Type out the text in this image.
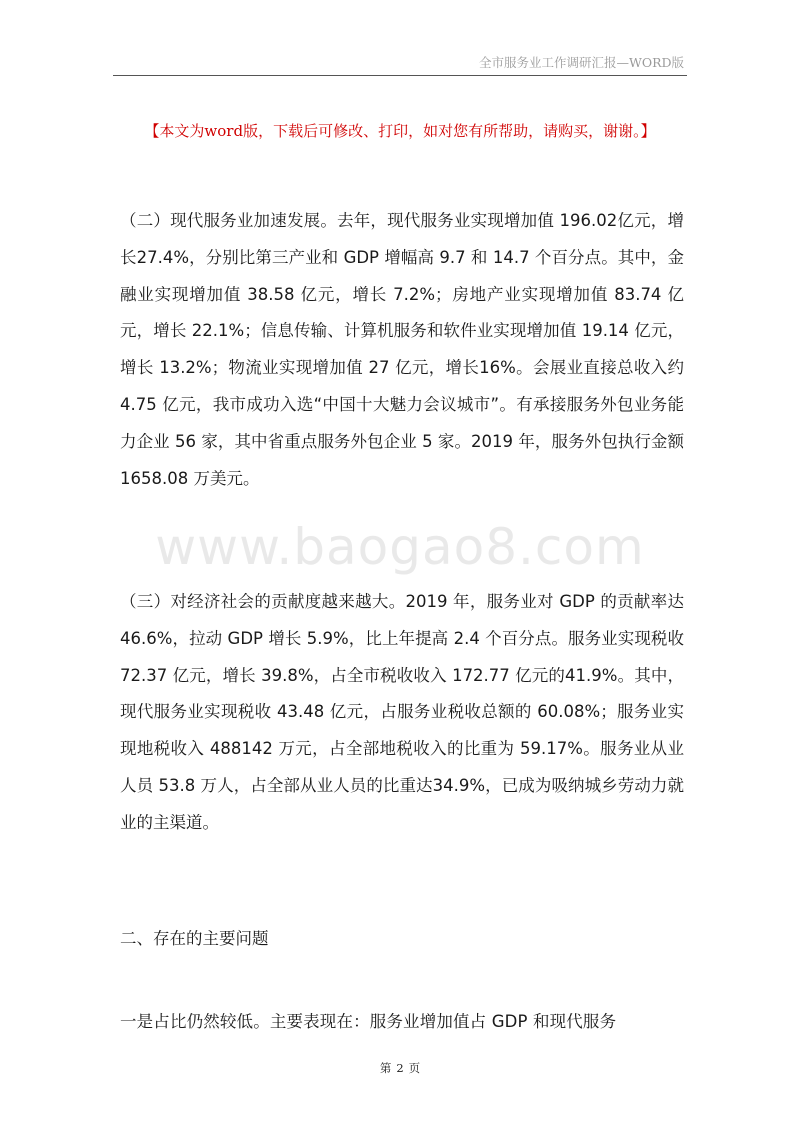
全市服务业工作调研汇报—WORD版
【本文为word版，下载后可修改、打印，如对您有所帮助，请购买，谢谢。】

（二）现代服务业加速发展。去年，现代服务业实现增加值 196.02亿元，增长27.4%，分别比第三产业和 GDP 增幅高 9.7 和 14.7 个百分点。其中，金融业实现增加值 38.58 亿元，增长 7.2%；房地产业实现增加值 83.74 亿元，增长 22.1%；信息传输、计算机服务和软件业实现增加值 19.14 亿元，增长 13.2%；物流业实现增加值 27 亿元，增长16%。会展业直接总收入约 4.75 亿元，我市成功入选“中国十大魅力会议城市”。有承接服务外包业务能力企业 56 家，其中省重点服务外包企业 5 家。2019 年，服务外包执行金额 1658.08 万美元。

www.baogao8.com

（三）对经济社会的贡献度越来越大。2019 年，服务业对 GDP 的贡献率达 46.6%，拉动 GDP 增长 5.9%，比上年提高 2.4 个百分点。服务业实现税收 72.37 亿元，增长 39.8%，占全市税收收入 172.77 亿元的41.9%。其中，现代服务业实现税收 43.48 亿元，占服务业税收总额的 60.08%；服务业实现地税收入 488142 万元，占全部地税收入的比重为 59.17%。服务业从业人员 53.8 万人，占全部从业人员的比重达34.9%，已成为吸纳城乡劳动力就业的主渠道。

二、存在的主要问题

一是占比仍然较低。主要表现在：服务业增加值占 GDP 和现代服务

第 2 页
